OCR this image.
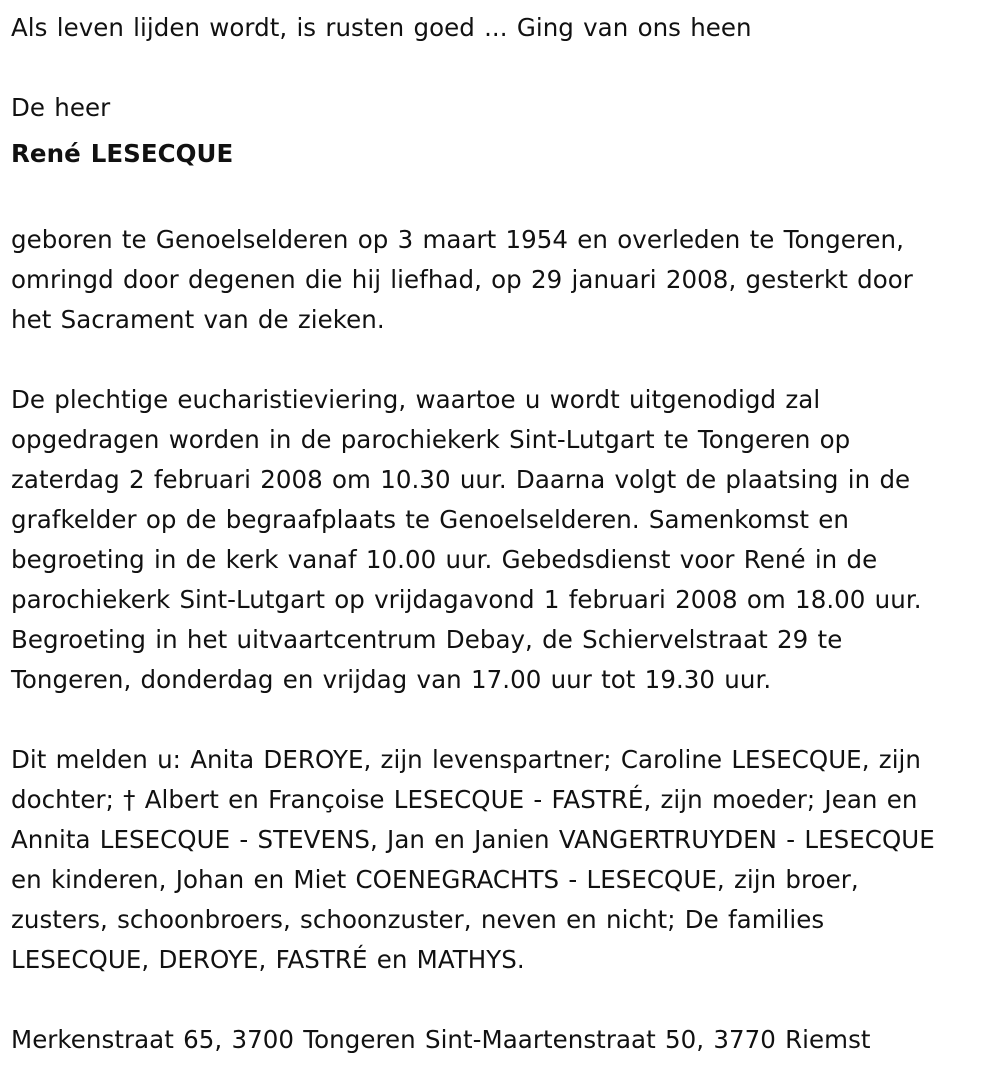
Als leven lijden wordt, is rusten goed ... Ging van ons heen
De heer
René LESECQUE
geboren te Genoelselderen op 3 maart 1954 en overleden te Tongeren,
omringd door degenen die hij liefhad, op 29 januari 2008, gesterkt door
het Sacrament van de zieken.
De plechtige eucharistieviering, waartoe u wordt uitgenodigd zal
opgedragen worden in de parochiekerk Sint-Lutgart te Tongeren op
zaterdag 2 februari 2008 om 10.30 uur. Daarna volgt de plaatsing in de
grafkelder op de begraafplaats te Genoelselderen. Samenkomst en
begroeting in de kerk vanaf 10.00 uur. Gebedsdienst voor René in de
parochiekerk Sint-Lutgart op vrijdagavond 1 februari 2008 om 18.00 uur.
Begroeting in het uitvaartcentrum Debay, de Schiervelstraat 29 te
Tongeren, donderdag en vrijdag van 17.00 uur tot 19.30 uur.
Dit melden u: Anita DEROYE, zijn levenspartner; Caroline LESECQUE, zijn
dochter; † Albert en Françoise LESECQUE - FASTRÉ, zijn moeder; Jean en
Annita LESECQUE - STEVENS, Jan en Janien VANGERTRUYDEN - LESECQUE
en kinderen, Johan en Miet COENEGRACHTS - LESECQUE, zijn broer,
zusters, schoonbroers, schoonzuster, neven en nicht; De families
LESECQUE, DEROYE, FASTRÉ en MATHYS.
Merkenstraat 65, 3700 Tongeren Sint-Maartenstraat 50, 3770 Riemst
